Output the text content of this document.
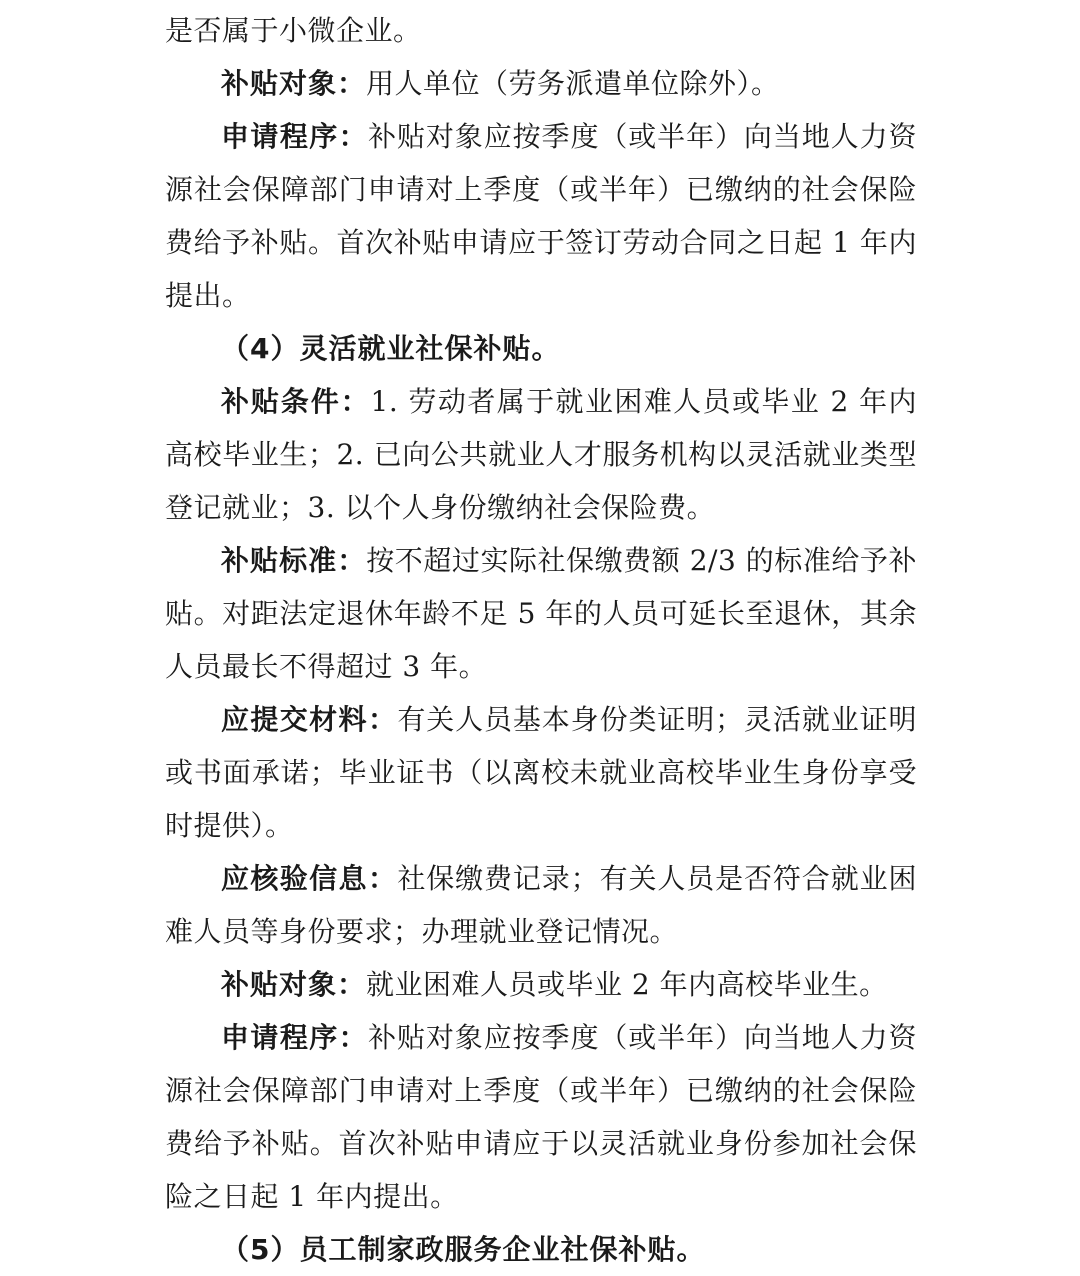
是否属于小微企业。

补贴对象：用人单位（劳务派遣单位除外）。

申请程序：补贴对象应按季度（或半年）向当地人力资源社会保障部门申请对上季度（或半年）已缴纳的社会保险费给予补贴。首次补贴申请应于签订劳动合同之日起 1 年内提出。

（4）灵活就业社保补贴。

补贴条件：1. 劳动者属于就业困难人员或毕业 2 年内高校毕业生；2. 已向公共就业人才服务机构以灵活就业类型登记就业；3. 以个人身份缴纳社会保险费。

补贴标准：按不超过实际社保缴费额 2/3 的标准给予补贴。对距法定退休年龄不足 5 年的人员可延长至退休，其余人员最长不得超过 3 年。

应提交材料：有关人员基本身份类证明；灵活就业证明或书面承诺；毕业证书（以离校未就业高校毕业生身份享受时提供）。

应核验信息：社保缴费记录；有关人员是否符合就业困难人员等身份要求；办理就业登记情况。

补贴对象：就业困难人员或毕业 2 年内高校毕业生。

申请程序：补贴对象应按季度（或半年）向当地人力资源社会保障部门申请对上季度（或半年）已缴纳的社会保险费给予补贴。首次补贴申请应于以灵活就业身份参加社会保险之日起 1 年内提出。

（5）员工制家政服务企业社保补贴。
